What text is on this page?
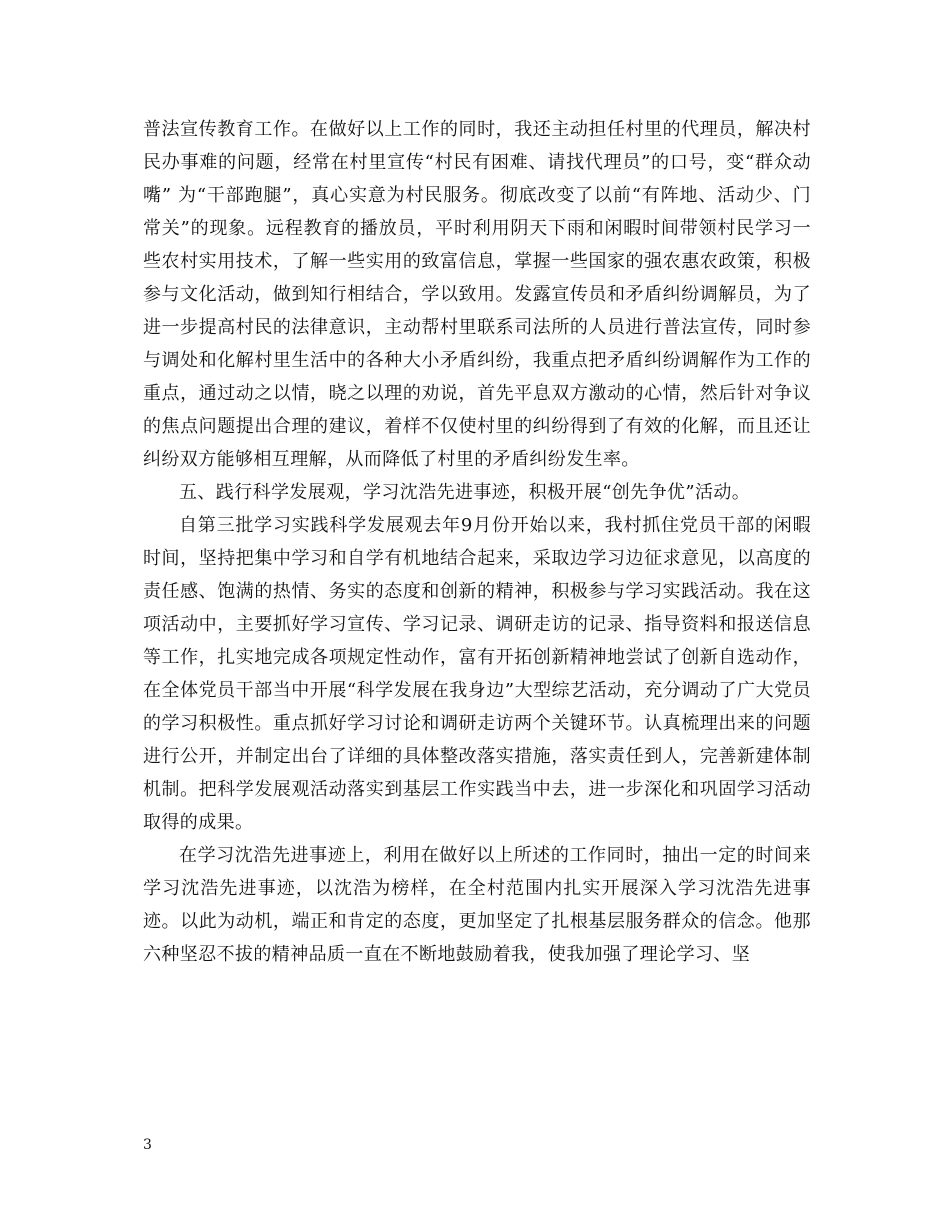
普法宣传教育工作。在做好以上工作的同时，我还主动担任村里的代理员，解决村民办事难的问题，经常在村里宣传“村民有困难、请找代理员”的口号，变“群众动嘴” 为“干部跑腿”，真心实意为村民服务。彻底改变了以前“有阵地、活动少、门常关”的现象。远程教育的播放员，平时利用阴天下雨和闲暇时间带领村民学习一些农村实用技术，了解一些实用的致富信息，掌握一些国家的强农惠农政策，积极参与文化活动，做到知行相结合，学以致用。发露宣传员和矛盾纠纷调解员，为了进一步提高村民的法律意识，主动帮村里联系司法所的人员进行普法宣传，同时参与调处和化解村里生活中的各种大小矛盾纠纷，我重点把矛盾纠纷调解作为工作的重点，通过动之以情，晓之以理的劝说，首先平息双方激动的心情，然后针对争议的焦点问题提出合理的建议，着样不仅使村里的纠纷得到了有效的化解，而且还让纠纷双方能够相互理解，从而降低了村里的矛盾纠纷发生率。

五、践行科学发展观，学习沈浩先进事迹，积极开展“创先争优”活动。

自第三批学习实践科学发展观去年9月份开始以来，我村抓住党员干部的闲暇时间，坚持把集中学习和自学有机地结合起来，采取边学习边征求意见，以高度的责任感、饱满的热情、务实的态度和创新的精神，积极参与学习实践活动。我在这项活动中，主要抓好学习宣传、学习记录、调研走访的记录、指导资料和报送信息等工作，扎实地完成各项规定性动作，富有开拓创新精神地尝试了创新自选动作，在全体党员干部当中开展“科学发展在我身边”大型综艺活动，充分调动了广大党员的学习积极性。重点抓好学习讨论和调研走访两个关键环节。认真梳理出来的问题进行公开，并制定出台了详细的具体整改落实措施，落实责任到人，完善新建体制机制。把科学发展观活动落实到基层工作实践当中去，进一步深化和巩固学习活动取得的成果。

在学习沈浩先进事迹上，利用在做好以上所述的工作同时，抽出一定的时间来学习沈浩先进事迹，以沈浩为榜样，在全村范围内扎实开展深入学习沈浩先进事迹。以此为动机，端正和肯定的态度，更加坚定了扎根基层服务群众的信念。他那六种坚忍不拔的精神品质一直在不断地鼓励着我，使我加强了理论学习、坚

3
